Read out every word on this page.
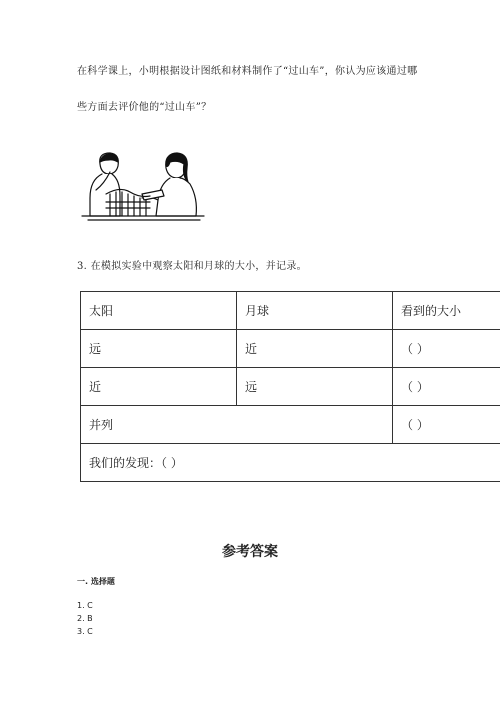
在科学课上，小明根据设计图纸和材料制作了“过山车”，你认为应该通过哪
些方面去评价他的“过山车”？
3. 在模拟实验中观察太阳和月球的大小，并记录。
太阳	月球	看到的大小
远	近	（ ）
近	远	（ ）
并列		（ ）
我们的发现：（ ）		
参考答案
一. 选择题
1. C
2. B
3. C
